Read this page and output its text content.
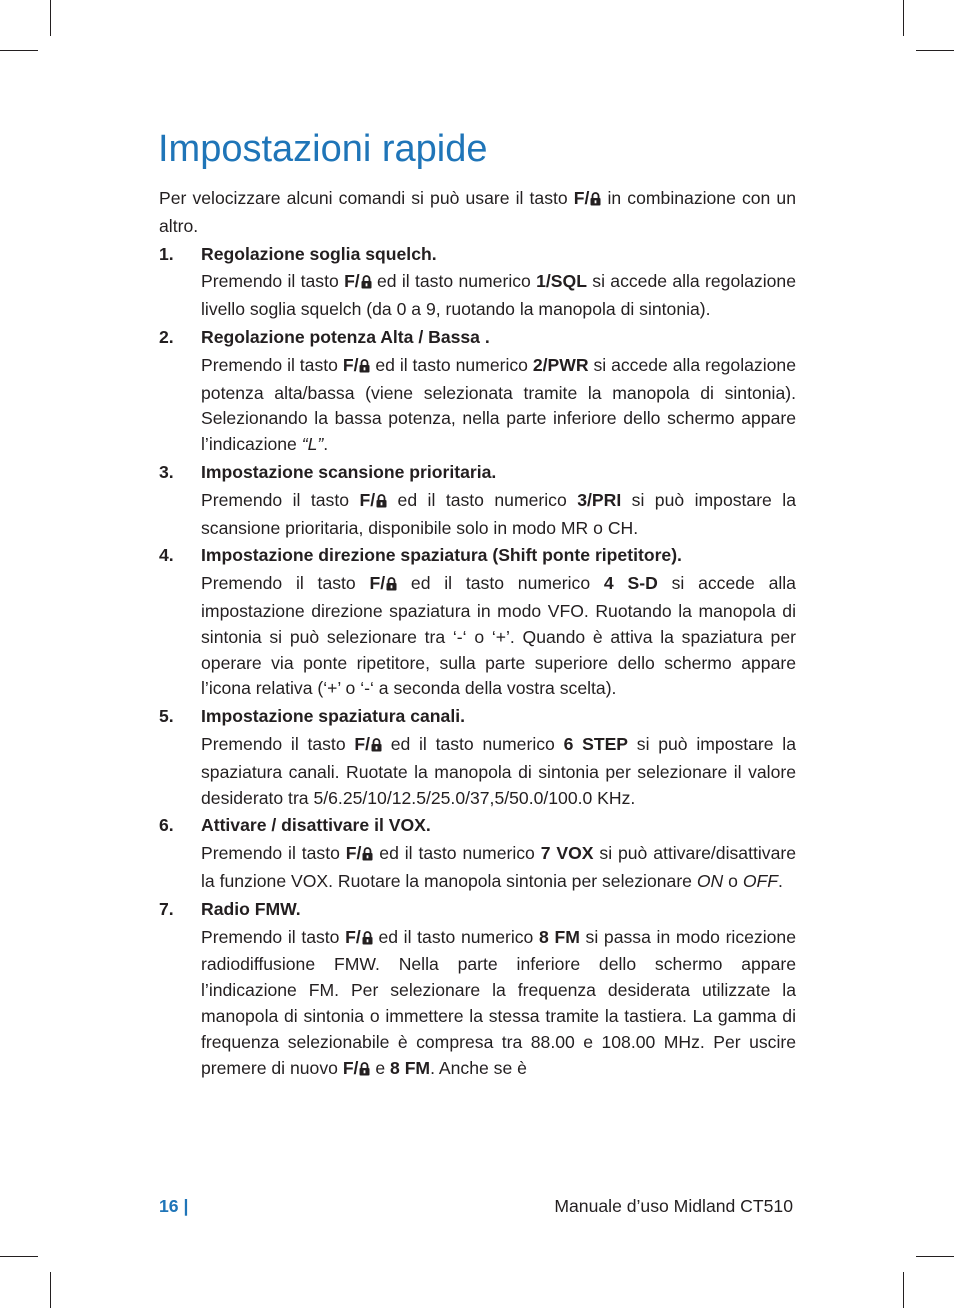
Impostazioni rapide

Per velocizzare alcuni comandi si può usare il tasto F/ in combinazione con un altro.

1.	Regolazione soglia squelch.
Premendo il tasto F/ ed il tasto numerico 1/SQL si accede alla regolazione livello soglia squelch (da 0 a 9, ruotando la manopola di sintonia).
2.	Regolazione potenza Alta / Bassa .
Premendo il tasto F/ ed il tasto numerico 2/PWR si accede alla regolazione potenza alta/bassa (viene selezionata tramite la manopola di sintonia). Selezionando la bassa potenza, nella parte inferiore dello schermo appare l’indicazione “L”.
3.	Impostazione scansione prioritaria.
Premendo il tasto F/ ed il tasto numerico 3/PRI si può impostare la scansione prioritaria, disponibile solo in modo MR o CH.
4.	Impostazione direzione spaziatura (Shift ponte ripetitore).
Premendo il tasto F/ ed il tasto numerico 4 S-D si accede alla impostazione direzione spaziatura in modo VFO. Ruotando la manopola di sintonia si può selezionare tra ‘-‘ o ‘+’. Quando è attiva la spaziatura per operare via ponte ripetitore, sulla parte superiore dello schermo appare l’icona relativa (‘+’ o ‘-‘ a seconda della vostra scelta).
5.	Impostazione spaziatura canali.
Premendo il tasto F/ ed il tasto numerico 6 STEP si può impostare la spaziatura canali. Ruotate la manopola di sintonia per selezionare il valore desiderato tra 5/6.25/10/12.5/25.0/37,5/50.0/100.0 KHz.
6.	Attivare / disattivare il VOX.
Premendo il tasto F/ ed il tasto numerico 7 VOX si può attivare/disattivare la funzione VOX. Ruotare la manopola sintonia per selezionare ON o OFF.
7.	Radio FMW.
Premendo il tasto F/ ed il tasto numerico 8 FM si passa in modo ricezione radiodiffusione FMW. Nella parte inferiore dello schermo appare l’indicazione FM. Per selezionare la frequenza desiderata utilizzate la manopola di sintonia o immettere la stessa tramite la tastiera. La gamma di frequenza selezionabile è compresa tra 88.00 e 108.00 MHz. Per uscire premere di nuovo F/ e 8 FM. Anche se è
16 |	Manuale d’uso Midland CT510
